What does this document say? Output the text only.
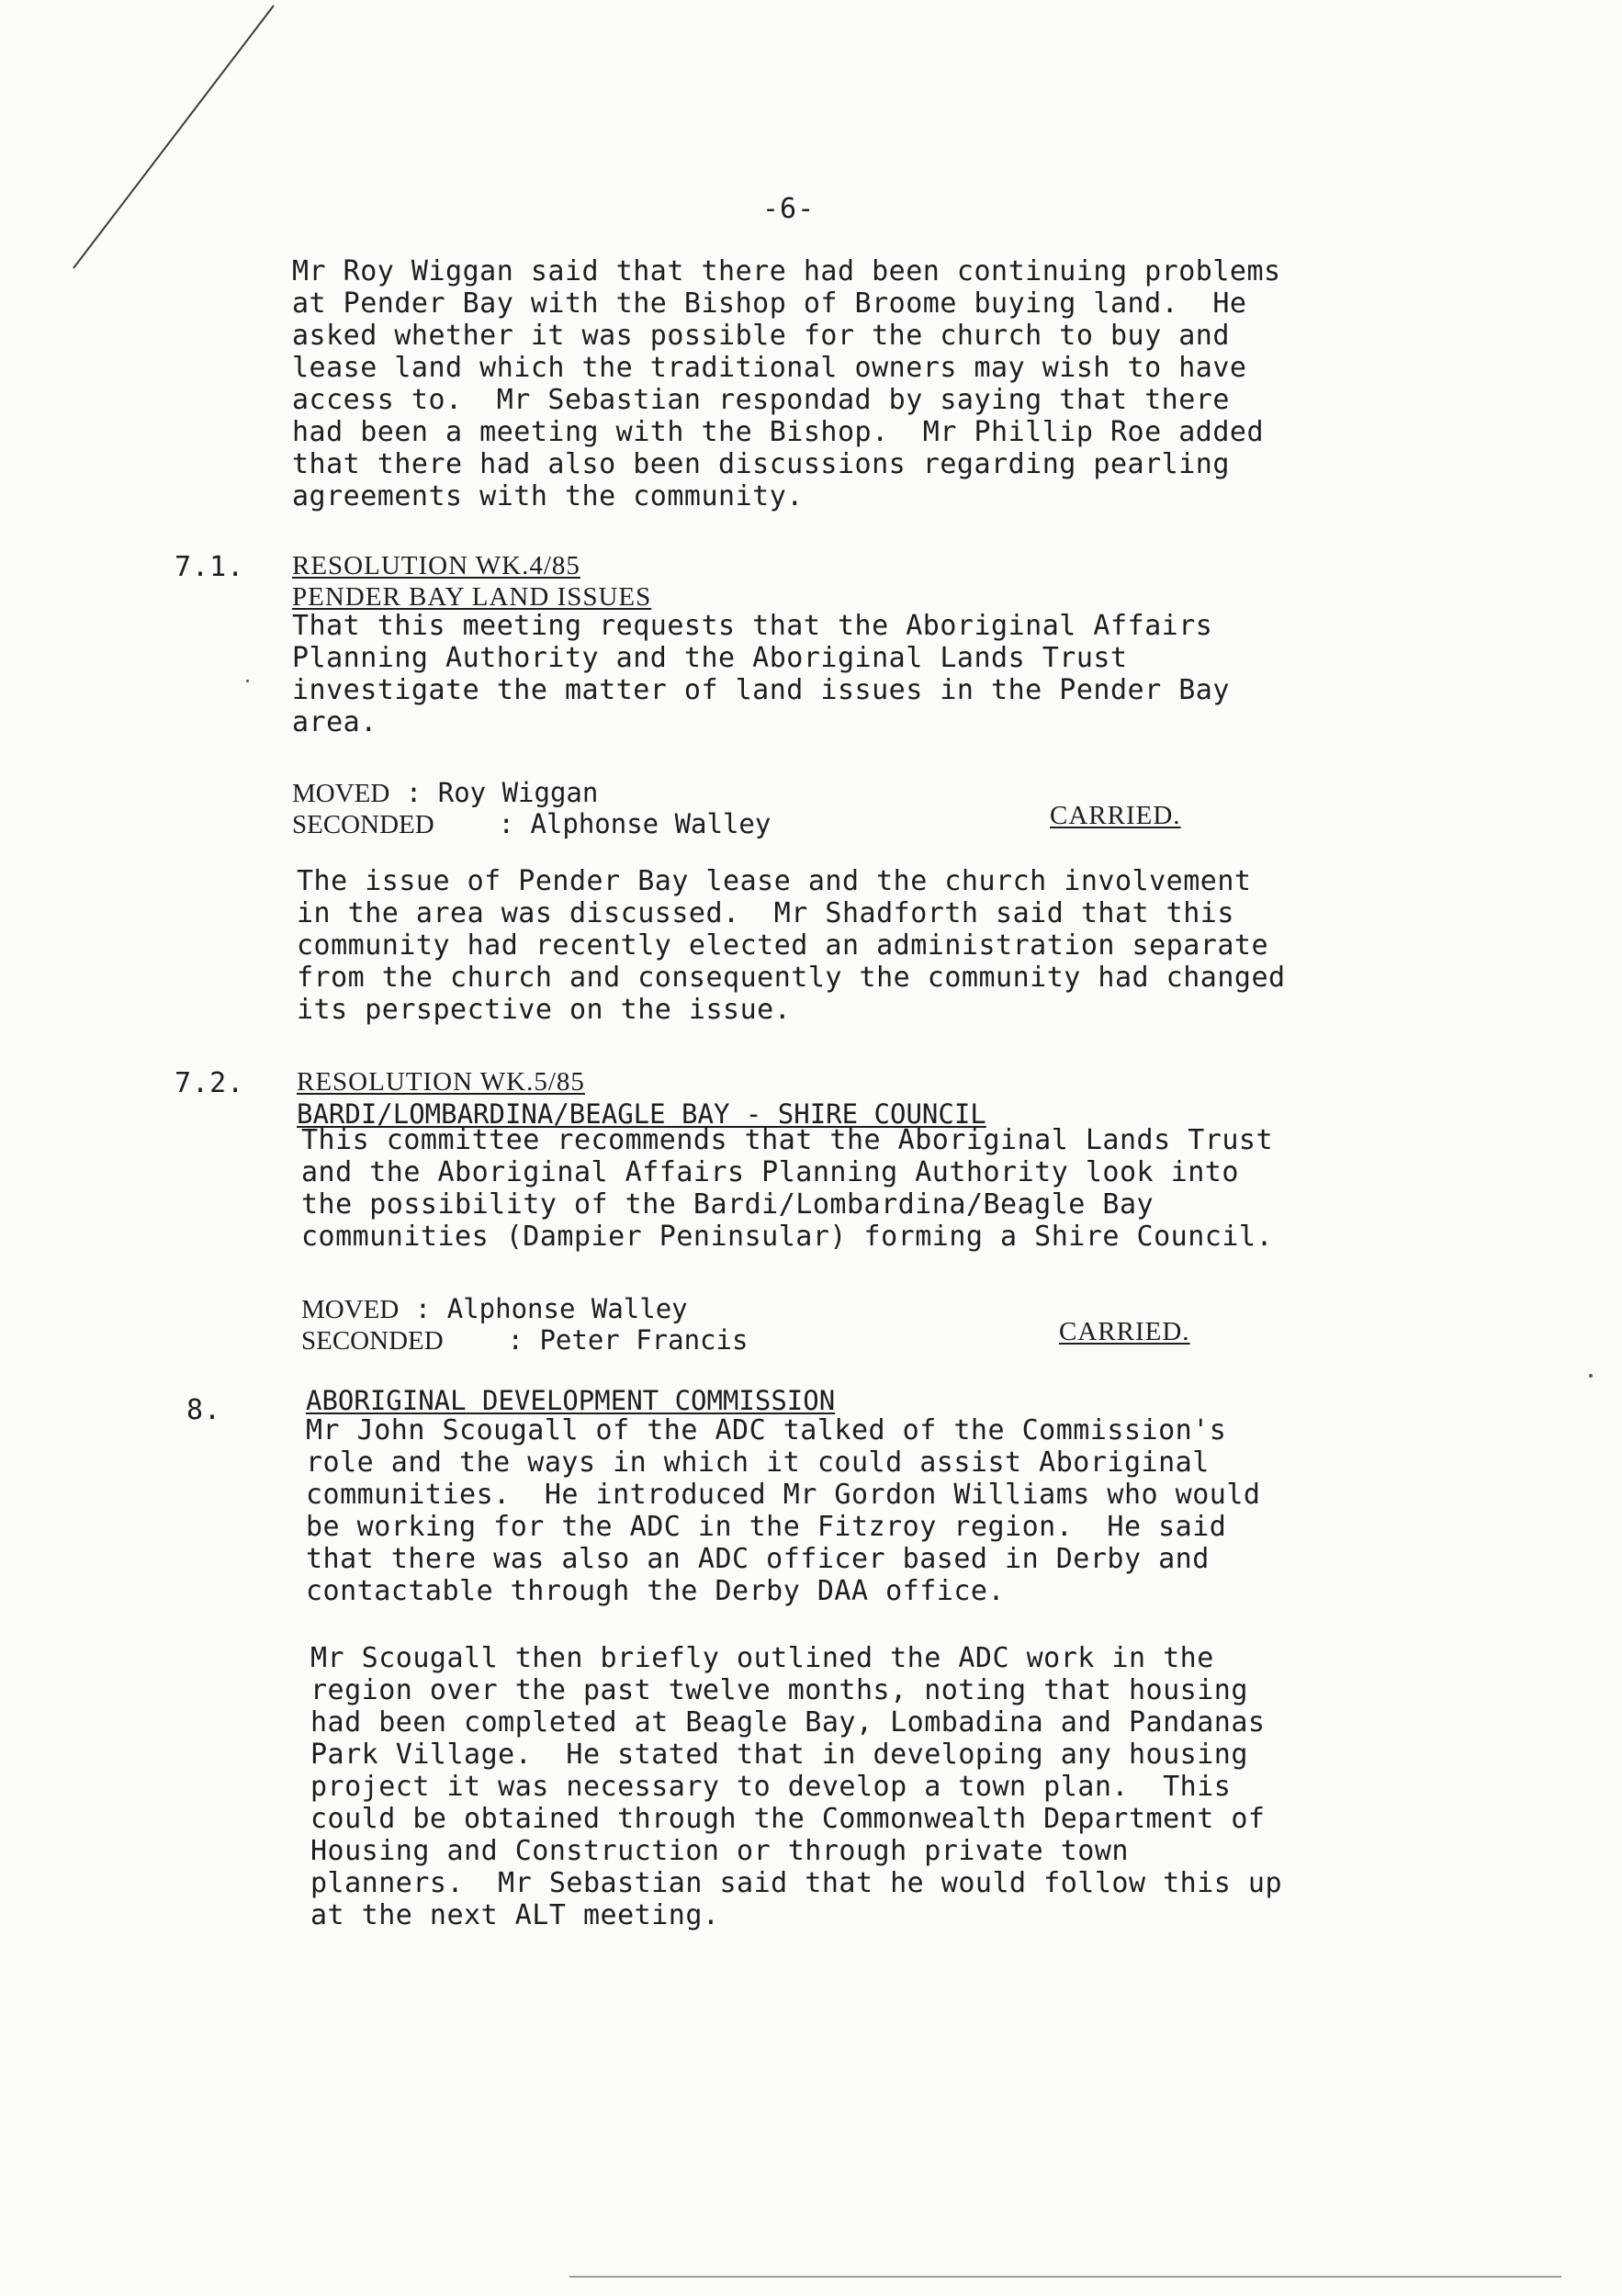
-6-
Mr Roy Wiggan said that there had been continuing problems
at Pender Bay with the Bishop of Broome buying land.  He
asked whether it was possible for the church to buy and
lease land which the traditional owners may wish to have
access to.  Mr Sebastian respondad by saying that there
had been a meeting with the Bishop.  Mr Phillip Roe added
that there had also been discussions regarding pearling
agreements with the community.
7.1. RESOLUTION WK.4/85
PENDER BAY LAND ISSUES
That this meeting requests that the Aboriginal Affairs
Planning Authority and the Aboriginal Lands Trust
investigate the matter of land issues in the Pender Bay
area.
MOVED : Roy Wiggan
SECONDED    : Alphonse Walley	CARRIED.
The issue of Pender Bay lease and the church involvement
in the area was discussed.  Mr Shadforth said that this
community had recently elected an administration separate
from the church and consequently the community had changed
its perspective on the issue.
7.2. RESOLUTION WK.5/85
BARDI/LOMBARDINA/BEAGLE BAY - SHIRE COUNCIL
This committee recommends that the Aboriginal Lands Trust
and the Aboriginal Affairs Planning Authority look into
the possibility of the Bardi/Lombardina/Beagle Bay
communities (Dampier Peninsular) forming a Shire Council.
MOVED : Alphonse Walley
SECONDED    : Peter Francis	CARRIED.
8.	ABORIGINAL DEVELOPMENT COMMISSION
Mr John Scougall of the ADC talked of the Commission's
role and the ways in which it could assist Aboriginal
communities.  He introduced Mr Gordon Williams who would
be working for the ADC in the Fitzroy region.  He said
that there was also an ADC officer based in Derby and
contactable through the Derby DAA office.
Mr Scougall then briefly outlined the ADC work in the
region over the past twelve months, noting that housing
had been completed at Beagle Bay, Lombadina and Pandanas
Park Village.  He stated that in developing any housing
project it was necessary to develop a town plan.  This
could be obtained through the Commonwealth Department of
Housing and Construction or through private town
planners.  Mr Sebastian said that he would follow this up
at the next ALT meeting.
